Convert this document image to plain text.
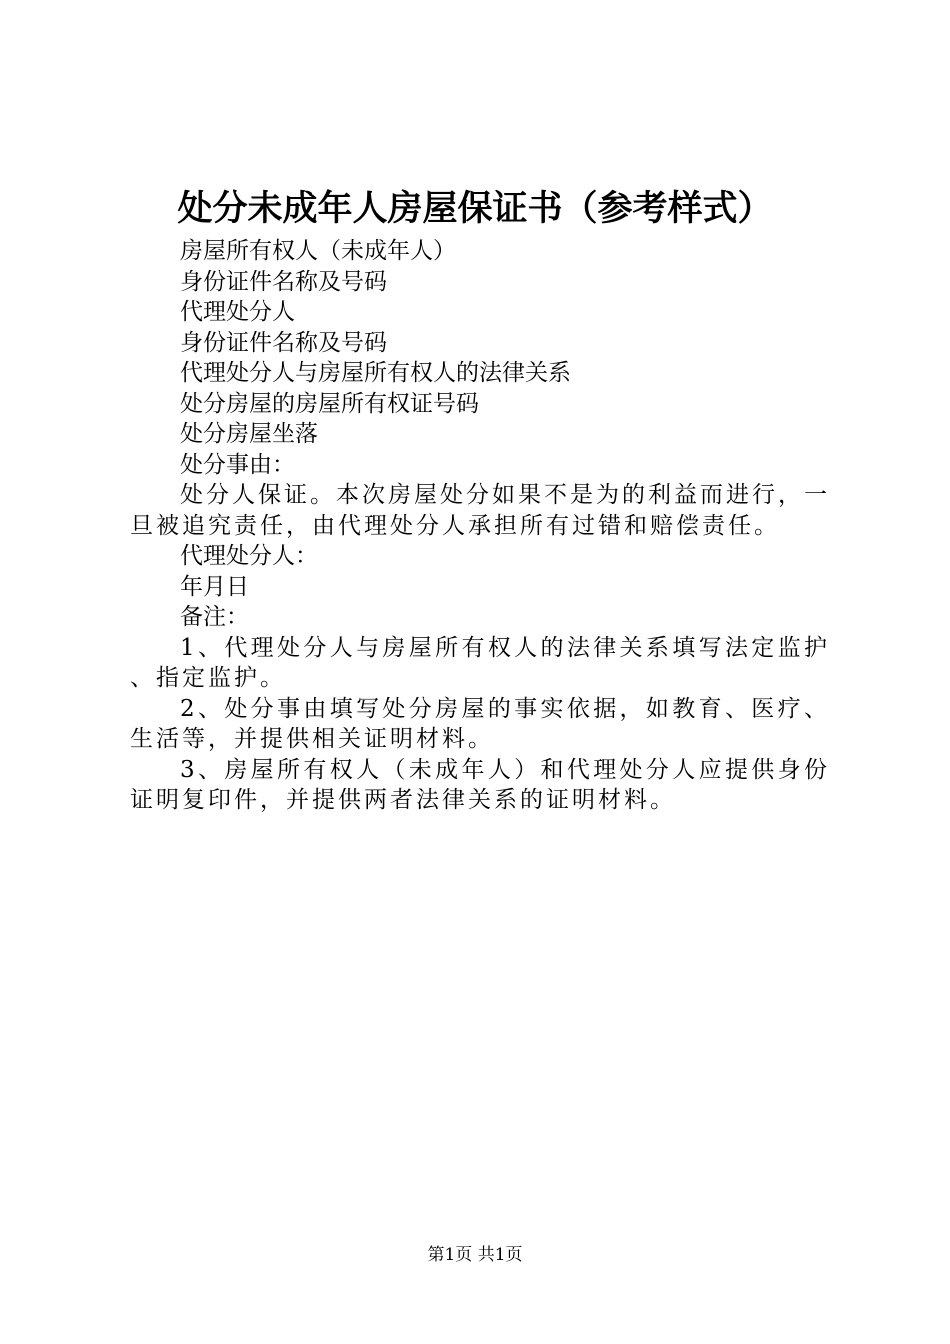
处分未成年人房屋保证书（参考样式）

房屋所有权人（未成年人）

身份证件名称及号码

代理处分人

身份证件名称及号码

代理处分人与房屋所有权人的法律关系

处分房屋的房屋所有权证号码

处分房屋坐落

处分事由：

处分人保证。本次房屋处分如果不是为的利益而进行，一旦被追究责任，由代理处分人承担所有过错和赔偿责任。

代理处分人：

年月日

备注：

1、代理处分人与房屋所有权人的法律关系填写法定监护、指定监护。

2、处分事由填写处分房屋的事实依据，如教育、医疗、生活等，并提供相关证明材料。

3、房屋所有权人（未成年人）和代理处分人应提供身份证明复印件，并提供两者法律关系的证明材料。

第1页 共1页
